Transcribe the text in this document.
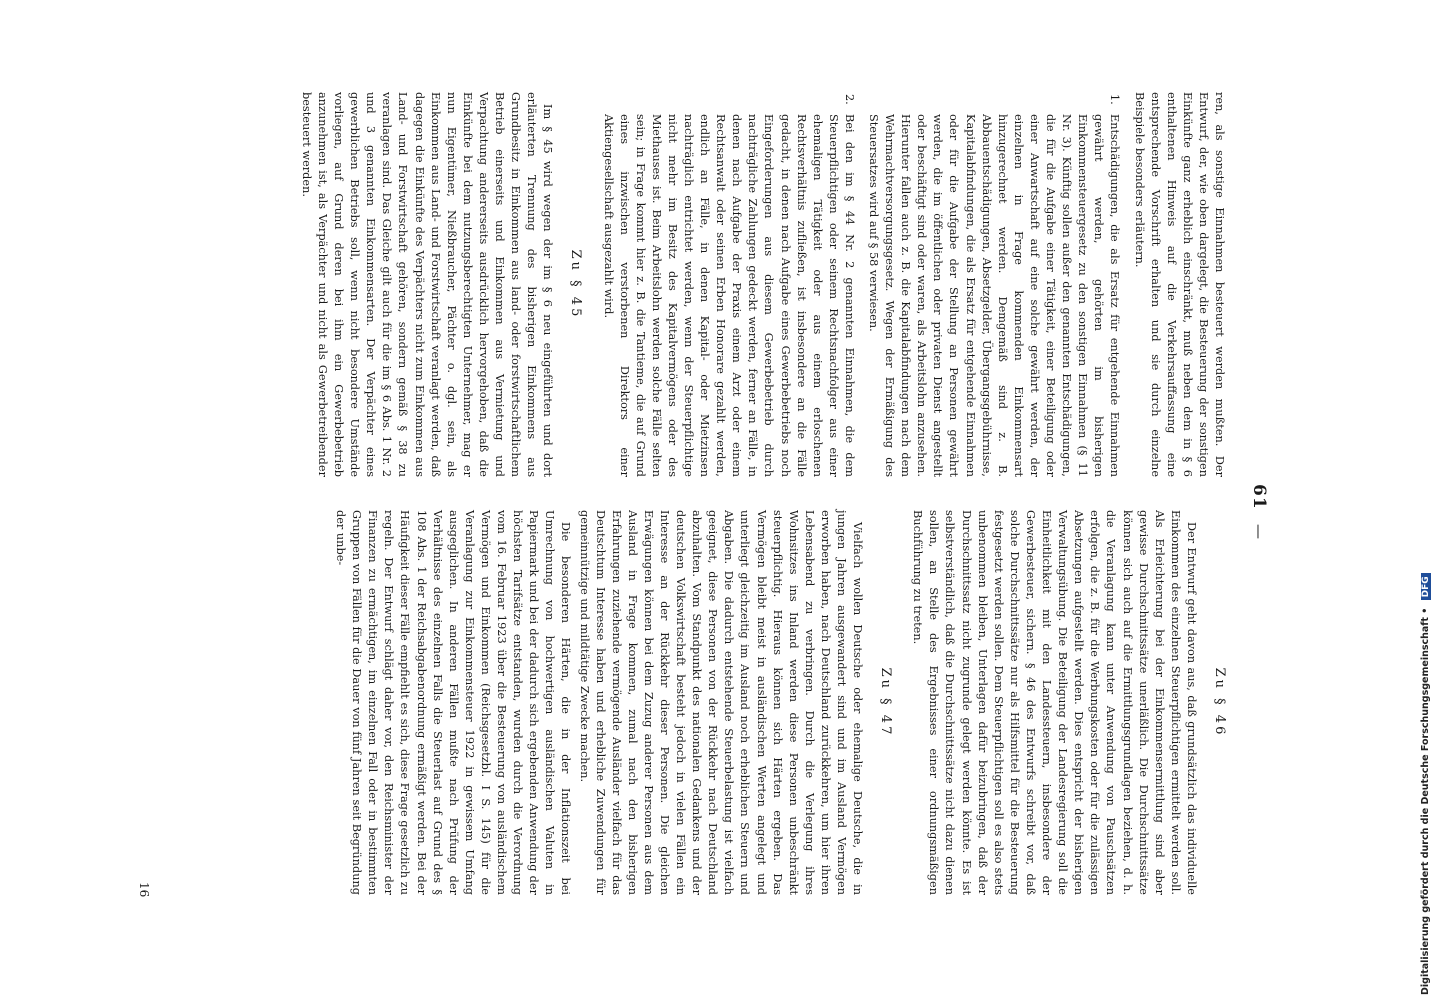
61
—

ren, als sonstige Einnahmen besteuert werden mußten. Der Entwurf, der, wie oben dargelegt, die Besteuerung der sonstigen Einkünfte ganz erheblich einschränkt, muß neben dem in § 6 enthaltenen Hinweis auf die Verkehrsauffassung eine entsprechende Vorschrift erhalten und sie durch einzelne Beispiele besonders erläutern.

1.
Entschädigungen, die als Ersatz für entgehende Einnahmen gewährt werden, gehörten im bisherigen Einkommensteuergesetz zu den sonstigen Einnahmen (§ 11 Nr. 3). Künftig sollen außer den genannten Entschädigungen, die für die Aufgabe einer Tätigkeit, einer Beteiligung oder einer Anwartschaft auf eine solche gewährt werden, der einzelnen in Frage kommenden Einkommensart hinzugerechnet werden. Demgemäß sind z. B. Abbauentschädigungen, Absetzgelder, Übergangsgebührnisse, Kapitalabfindungen, die als Ersatz für entgehende Einnahmen oder für die Aufgabe der Stellung an Personen gewährt werden, die im öffentlichen oder privaten Dienst angestellt oder beschäftigt sind oder waren, als Arbeitslohn anzusehen. Hierunter fallen auch z. B. die Kapitalabfindungen nach dem Wehrmachtversorgungsgesetz. Wegen der Ermäßigung des Steuersatzes wird auf § 58 verwiesen.
2.
Bei den im § 44 Nr. 2 genannten Einnahmen, die dem Steuerpflichtigen oder seinem Rechtsnachfolger aus einer ehemaligen Tätigkeit oder aus einem erloschenen Rechtsverhältnis zufließen, ist insbesondere an die Fälle gedacht, in denen nach Aufgabe eines Gewerbebetriebs noch Eingeforderungen aus diesem Gewerbebetrieb durch nachträgliche Zahlungen gedeckt werden, ferner an Fälle, in denen nach Aufgabe der Praxis einem Arzt oder einem Rechtsanwalt oder seinen Erben Honorare gezahlt werden, endlich an Fälle, in denen Kapital- oder Mietzinsen nachträglich entrichtet werden, wenn der Steuerpflichtige nicht mehr im Besitz des Kapitalvermögens oder des Miethauses ist. Beim Arbeitslohn werden solche Fälle selten sein; in Frage kommt hier z. B. die Tantieme, die auf Grund eines inzwischen verstorbenen Direktors einer Aktiengesellschaft ausgezahlt wird.
Zu § 45

Im § 45 wird wegen der im § 6 neu eingeführten und dort erläuterten Trennung des bisherigen Einkommens aus Grundbesitz in Einkommen aus land- oder forstwirtschaftlichem Betrieb einerseits und Einkommen aus Vermietung und Verpachtung andererseits ausdrücklich hervorgehoben, daß die Einkünfte bei dem nutzungsberechtigten Unternehmer, mag er nun Eigentümer, Nießbraucher, Pächter o. dgl. sein, als Einkommen aus Land- und Forstwirtschaft veranlagt werden, daß dagegen die Einkünfte des Verpächters nicht zum Einkommen aus Land- und Forstwirtschaft gehören, sondern gemäß § 38 zu veranlagen sind. Das Gleiche gilt auch für die im § 6 Abs. 1 Nr. 2 und 3 genannten Einkommensarten. Der Verpächter eines gewerblichen Betriebs soll, wenn nicht besondere Umstände vorliegen, auf Grund deren bei ihm ein Gewerbebetrieb anzunehmen ist, als Verpächter und nicht als Gewerbetreibender besteuert werden.

Zu § 46

Der Entwurf geht davon aus, daß grundsätzlich das individuelle Einkommen des einzelnen Steuerpflichtigen ermittelt werden soll. Als Erleichterung bei der Einkommensermittlung sind aber gewisse Durchschnittssätze unerläßlich. Die Durchschnittssätze können sich auch auf die Ermittlungsgrundlagen beziehen, d. h. die Veranlagung kann unter Anwendung von Pauschsätzen erfolgen, die z. B. für die Werbungskosten oder für die zulässigen Absetzungen aufgestellt werden. Dies entspricht der bisherigen Verwaltungsübung. Die Beteiligung der Landesregierung soll die Einheitlichkeit mit den Landessteuern, insbesondere der Gewerbesteuer, sichern. § 46 des Entwurfs schreibt vor, daß solche Durchschnittssätze nur als Hilfsmittel für die Besteuerung festgesetzt werden sollen. Dem Steuerpflichtigen soll es also stets unbenommen bleiben, Unterlagen dafür beizubringen, daß der Durchschnittssatz nicht zugrunde gelegt werden könnte. Es ist selbstverständlich, daß die Durchschnittssätze nicht dazu dienen sollen, an Stelle des Ergebnisses einer ordnungsmäßigen Buchführung zu treten.

Zu § 47

Vielfach wollen Deutsche oder ehemalige Deutsche, die in jungen Jahren ausgewandert sind und im Ausland Vermögen erworben haben, nach Deutschland zurückkehren, um hier ihren Lebensabend zu verbringen. Durch die Verlegung ihres Wohnsitzes ins Inland werden diese Personen unbeschränkt steuerpflichtig. Hieraus können sich Härten ergeben. Das Vermögen bleibt meist in ausländischen Werten angelegt und unterliegt gleichzeitig im Ausland noch erheblichen Steuern und Abgaben. Die dadurch entstehende Steuerbelastung ist vielfach geeignet, diese Personen von der Rückkehr nach Deutschland abzuhalten. Vom Standpunkt des nationalen Gedankens und der deutschen Volkswirtschaft besteht jedoch in vielen Fällen ein Interesse an der Rückkehr dieser Personen. Die gleichen Erwägungen können bei dem Zuzug anderer Personen aus dem Ausland in Frage kommen, zumal nach den bisherigen Erfahrungen zuziehende vermögende Ausländer vielfach für das Deutschtum Interesse haben und erhebliche Zuwendungen für gemeinnützige und mildtätige Zwecke machen.

Die besonderen Härten, die in der Inflationszeit bei Umrechnung von hochwertigen ausländischen Valuten in Papiermark und bei der dadurch sich ergebenden Anwendung der höchsten Tarifsätze entstanden, wurden durch die Verordnung vom 16. Februar 1923 über die Besteuerung von ausländischem Vermögen und Einkommen (Reichsgesetzbl. I S. 145) für die Veranlagung zur Einkommensteuer 1922 in gewissem Umfang ausgeglichen. In anderen Fällen mußte nach Prüfung der Verhältnisse des einzelnen Falls die Steuerlast auf Grund des § 108 Abs. 1 der Reichsabgabenordnung ermäßigt werden. Bei der Häufigkeit dieser Fälle empfiehlt es sich, diese Frage gesetzlich zu regeln. Der Entwurf schlägt daher vor, den Reichsminister der Finanzen zu ermächtigen, im einzelnen Fall oder in bestimmten Gruppen von Fällen für die Dauer von fünf Jahren seit Begründung der unbe-

16	Digitalisierung gefördert durch die Deutsche Forschungsgemeinschaft • DFG
